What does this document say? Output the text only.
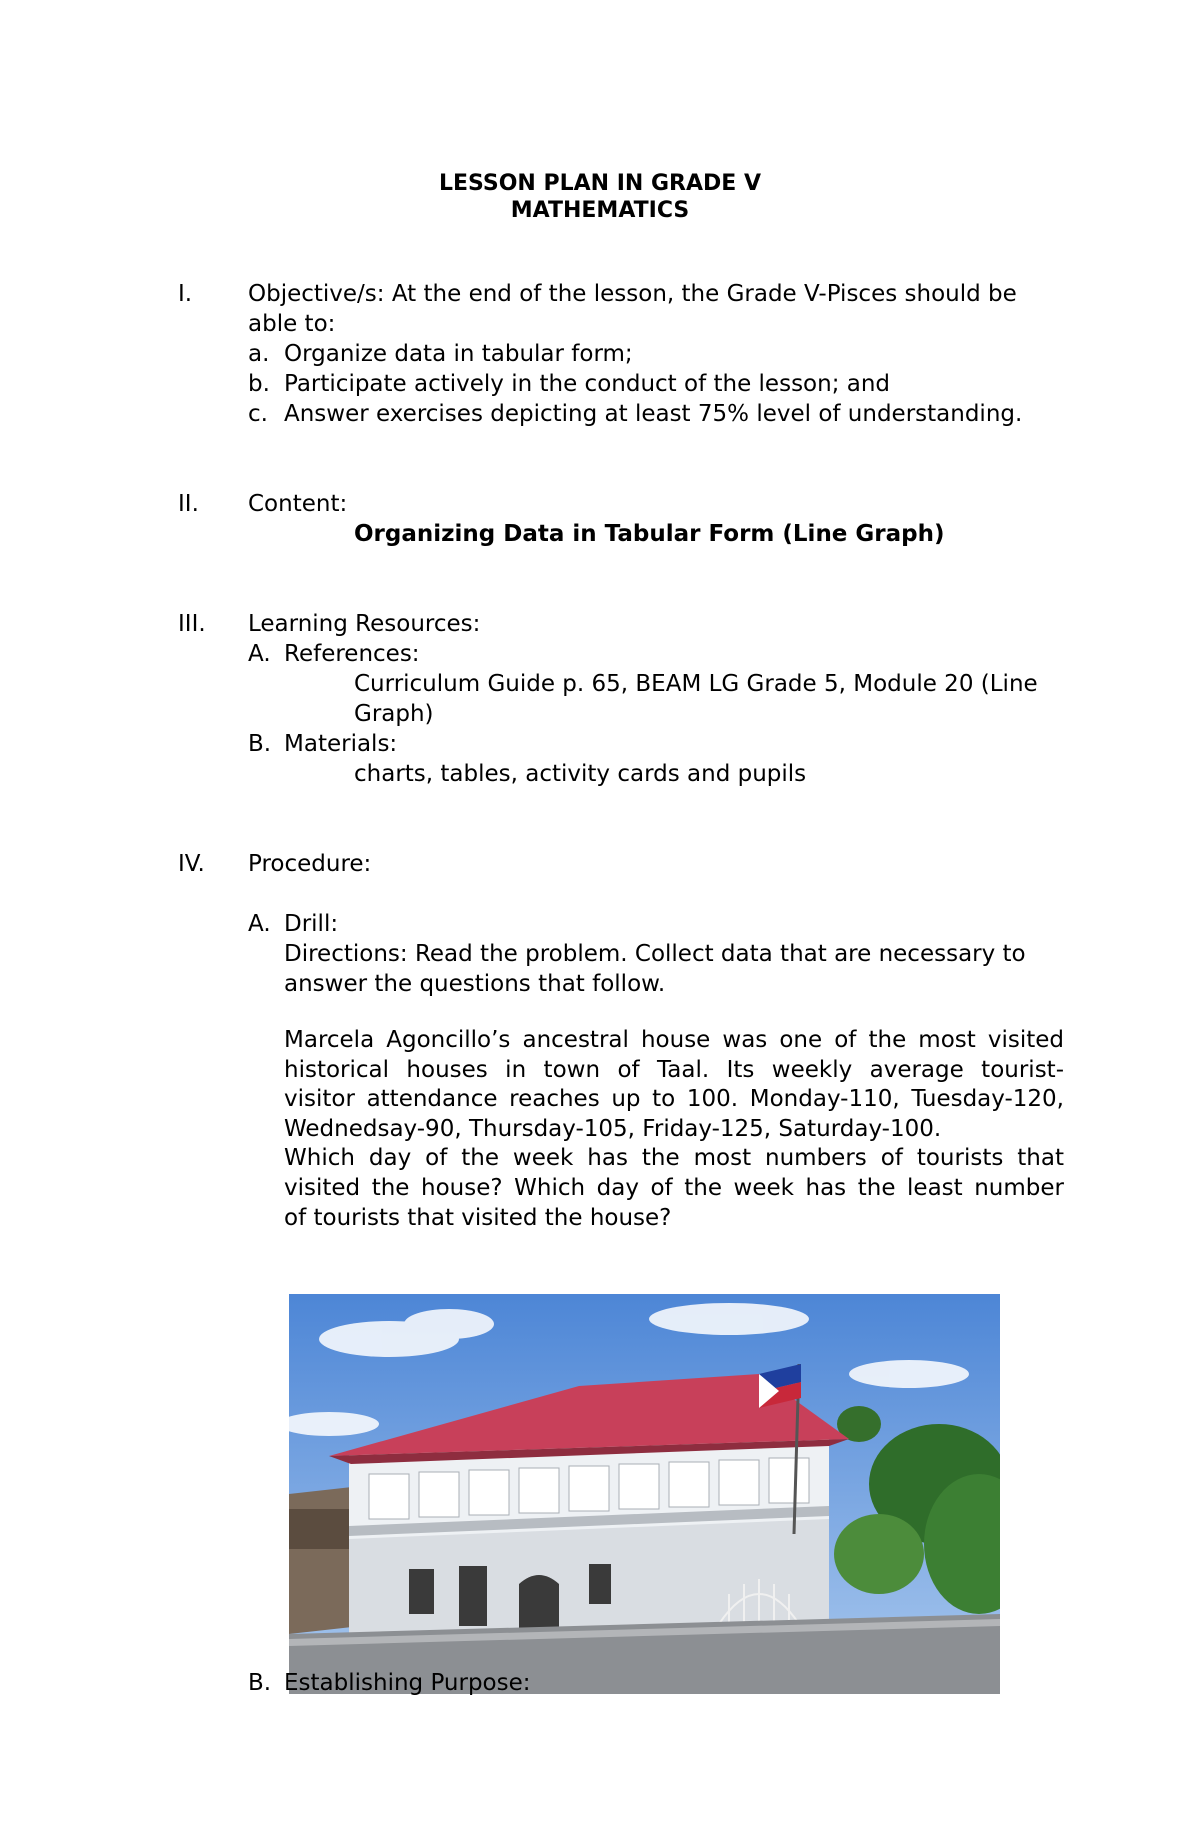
LESSON PLAN IN GRADE V
MATHEMATICS
I. Objective/s: At the end of the lesson, the Grade V-Pisces should be
able to:
a. Organize data in tabular form;
b. Participate actively in the conduct of the lesson; and
c. Answer exercises depicting at least 75% level of understanding.
II. Content:
Organizing Data in Tabular Form (Line Graph)
III. Learning Resources:
A. References:
Curriculum Guide p. 65, BEAM LG Grade 5, Module 20 (Line
Graph)
B. Materials:
charts, tables, activity cards and pupils
IV. Procedure:
A. Drill:
Directions: Read the problem. Collect data that are necessary to
answer the questions that follow.
Marcela Agoncillo’s ancestral house was one of the most visited
historical houses in town of Taal. Its weekly average tourist-
visitor attendance reaches up to 100. Monday-110, Tuesday-120,
Wednedsay-90, Thursday-105, Friday-125, Saturday-100.
Which day of the week has the most numbers of tourists that
visited the house? Which day of the week has the least number
of tourists that visited the house?
B. Establishing Purpose:
